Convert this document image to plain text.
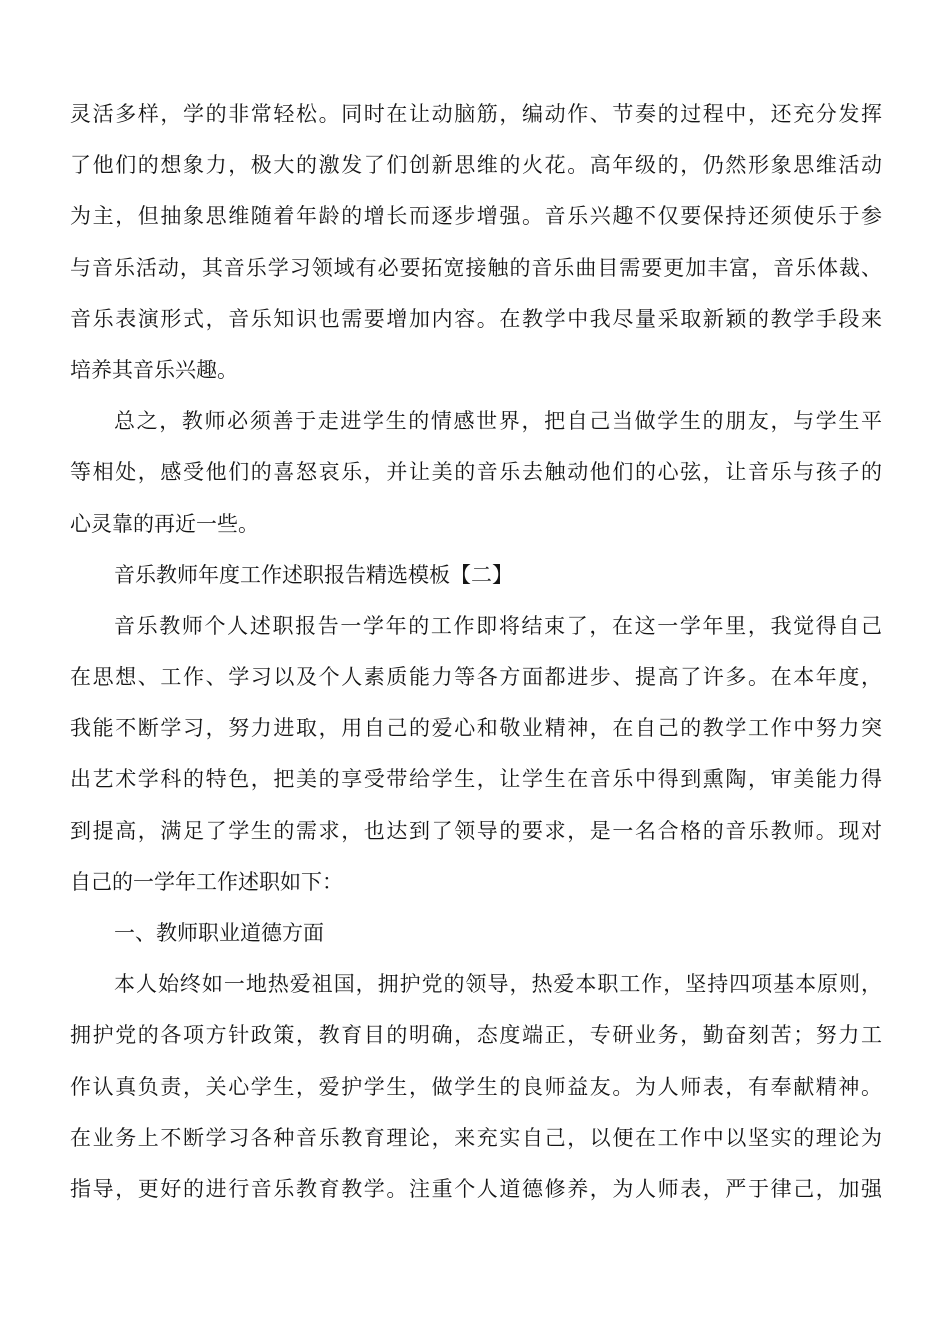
灵活多样，学的非常轻松。同时在让动脑筋，编动作、节奏的过程中，还充分发挥
了他们的想象力，极大的激发了们创新思维的火花。高年级的，仍然形象思维活动
为主，但抽象思维随着年龄的增长而逐步增强。音乐兴趣不仅要保持还须使乐于参
与音乐活动，其音乐学习领域有必要拓宽接触的音乐曲目需要更加丰富，音乐体裁、
音乐表演形式，音乐知识也需要增加内容。在教学中我尽量采取新颖的教学手段来
培养其音乐兴趣。
总之，教师必须善于走进学生的情感世界，把自己当做学生的朋友，与学生平
等相处，感受他们的喜怒哀乐，并让美的音乐去触动他们的心弦，让音乐与孩子的
心灵靠的再近一些。
音乐教师年度工作述职报告精选模板【二】
音乐教师个人述职报告一学年的工作即将结束了，在这一学年里，我觉得自己
在思想、工作、学习以及个人素质能力等各方面都进步、提高了许多。在本年度，
我能不断学习，努力进取，用自己的爱心和敬业精神，在自己的教学工作中努力突
出艺术学科的特色，把美的享受带给学生，让学生在音乐中得到熏陶，审美能力得
到提高，满足了学生的需求，也达到了领导的要求，是一名合格的音乐教师。现对
自己的一学年工作述职如下：
一、教师职业道德方面
本人始终如一地热爱祖国，拥护党的领导，热爱本职工作，坚持四项基本原则，
拥护党的各项方针政策，教育目的明确，态度端正，专研业务，勤奋刻苦；努力工
作认真负责，关心学生，爱护学生，做学生的良师益友。为人师表，有奉献精神。
在业务上不断学习各种音乐教育理论，来充实自己，以便在工作中以坚实的理论为
指导，更好的进行音乐教育教学。注重个人道德修养，为人师表，严于律己，加强
